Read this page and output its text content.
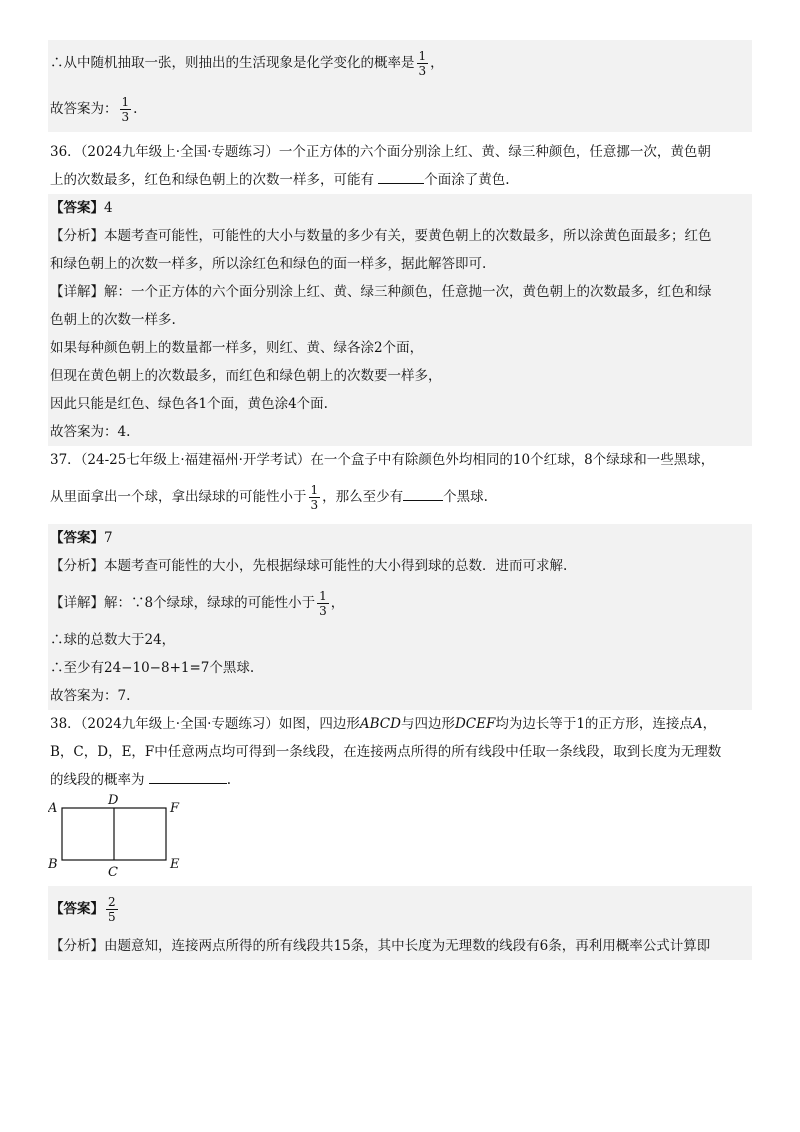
∴从中随机抽取一张，则抽出的生活现象是化学变化的概率是 $\frac{1}{3}$ ，
故答案为： $\frac{1}{3}$ .
36．（2024九年级上·全国·专题练习）一个正方体的六个面分别涂上红、黄、绿三种颜色，任意挪一次，黄色朝
上的次数最多，红色和绿色朝上的次数一样多，可能有	个面涂了黄色.
【答案】4
【分析】本题考查可能性，可能性的大小与数量的多少有关，要黄色朝上的次数最多，所以涂黄色面最多；红色
和绿色朝上的次数一样多，所以涂红色和绿色的面一样多，据此解答即可.
【详解】解：一个正方体的六个面分别涂上红、黄、绿三种颜色，任意抛一次，黄色朝上的次数最多，红色和绿
色朝上的次数一样多.
如果每种颜色朝上的数量都一样多，则红、黄、绿各涂2个面，
但现在黄色朝上的次数最多，而红色和绿色朝上的次数要一样多，
因此只能是红色、绿色各1个面，黄色涂4个面.
故答案为：4.
37．（24-25七年级上·福建福州·开学考试）在一个盒子中有除颜色外均相同的10个红球，8个绿球和一些黑球，
从里面拿出一个球，拿出绿球的可能性小于 $\frac{1}{3}$ ，那么至少有	个黑球.
【答案】7
【分析】本题考查可能性的大小，先根据绿球可能性的大小得到球的总数．进而可求解.
【详解】解：∵8个绿球，绿球的可能性小于 $\frac{1}{3}$ ，
∴球的总数大于24，
∴至少有24−10−8+1=7个黑球.
故答案为：7.
38．（2024九年级上·全国·专题练习）如图，四边形ABCD与四边形DCEF均为边长等于1的正方形，连接点A，
B，C，D，E，F中任意两点均可得到一条线段，在连接两点所得的所有线段中任取一条线段，取到长度为无理数
的线段的概率为	.
A
D
F
B
C
E
【答案】 $\frac{2}{5}$
【分析】由题意知，连接两点所得的所有线段共15条，其中长度为无理数的线段有6条，再利用概率公式计算即
